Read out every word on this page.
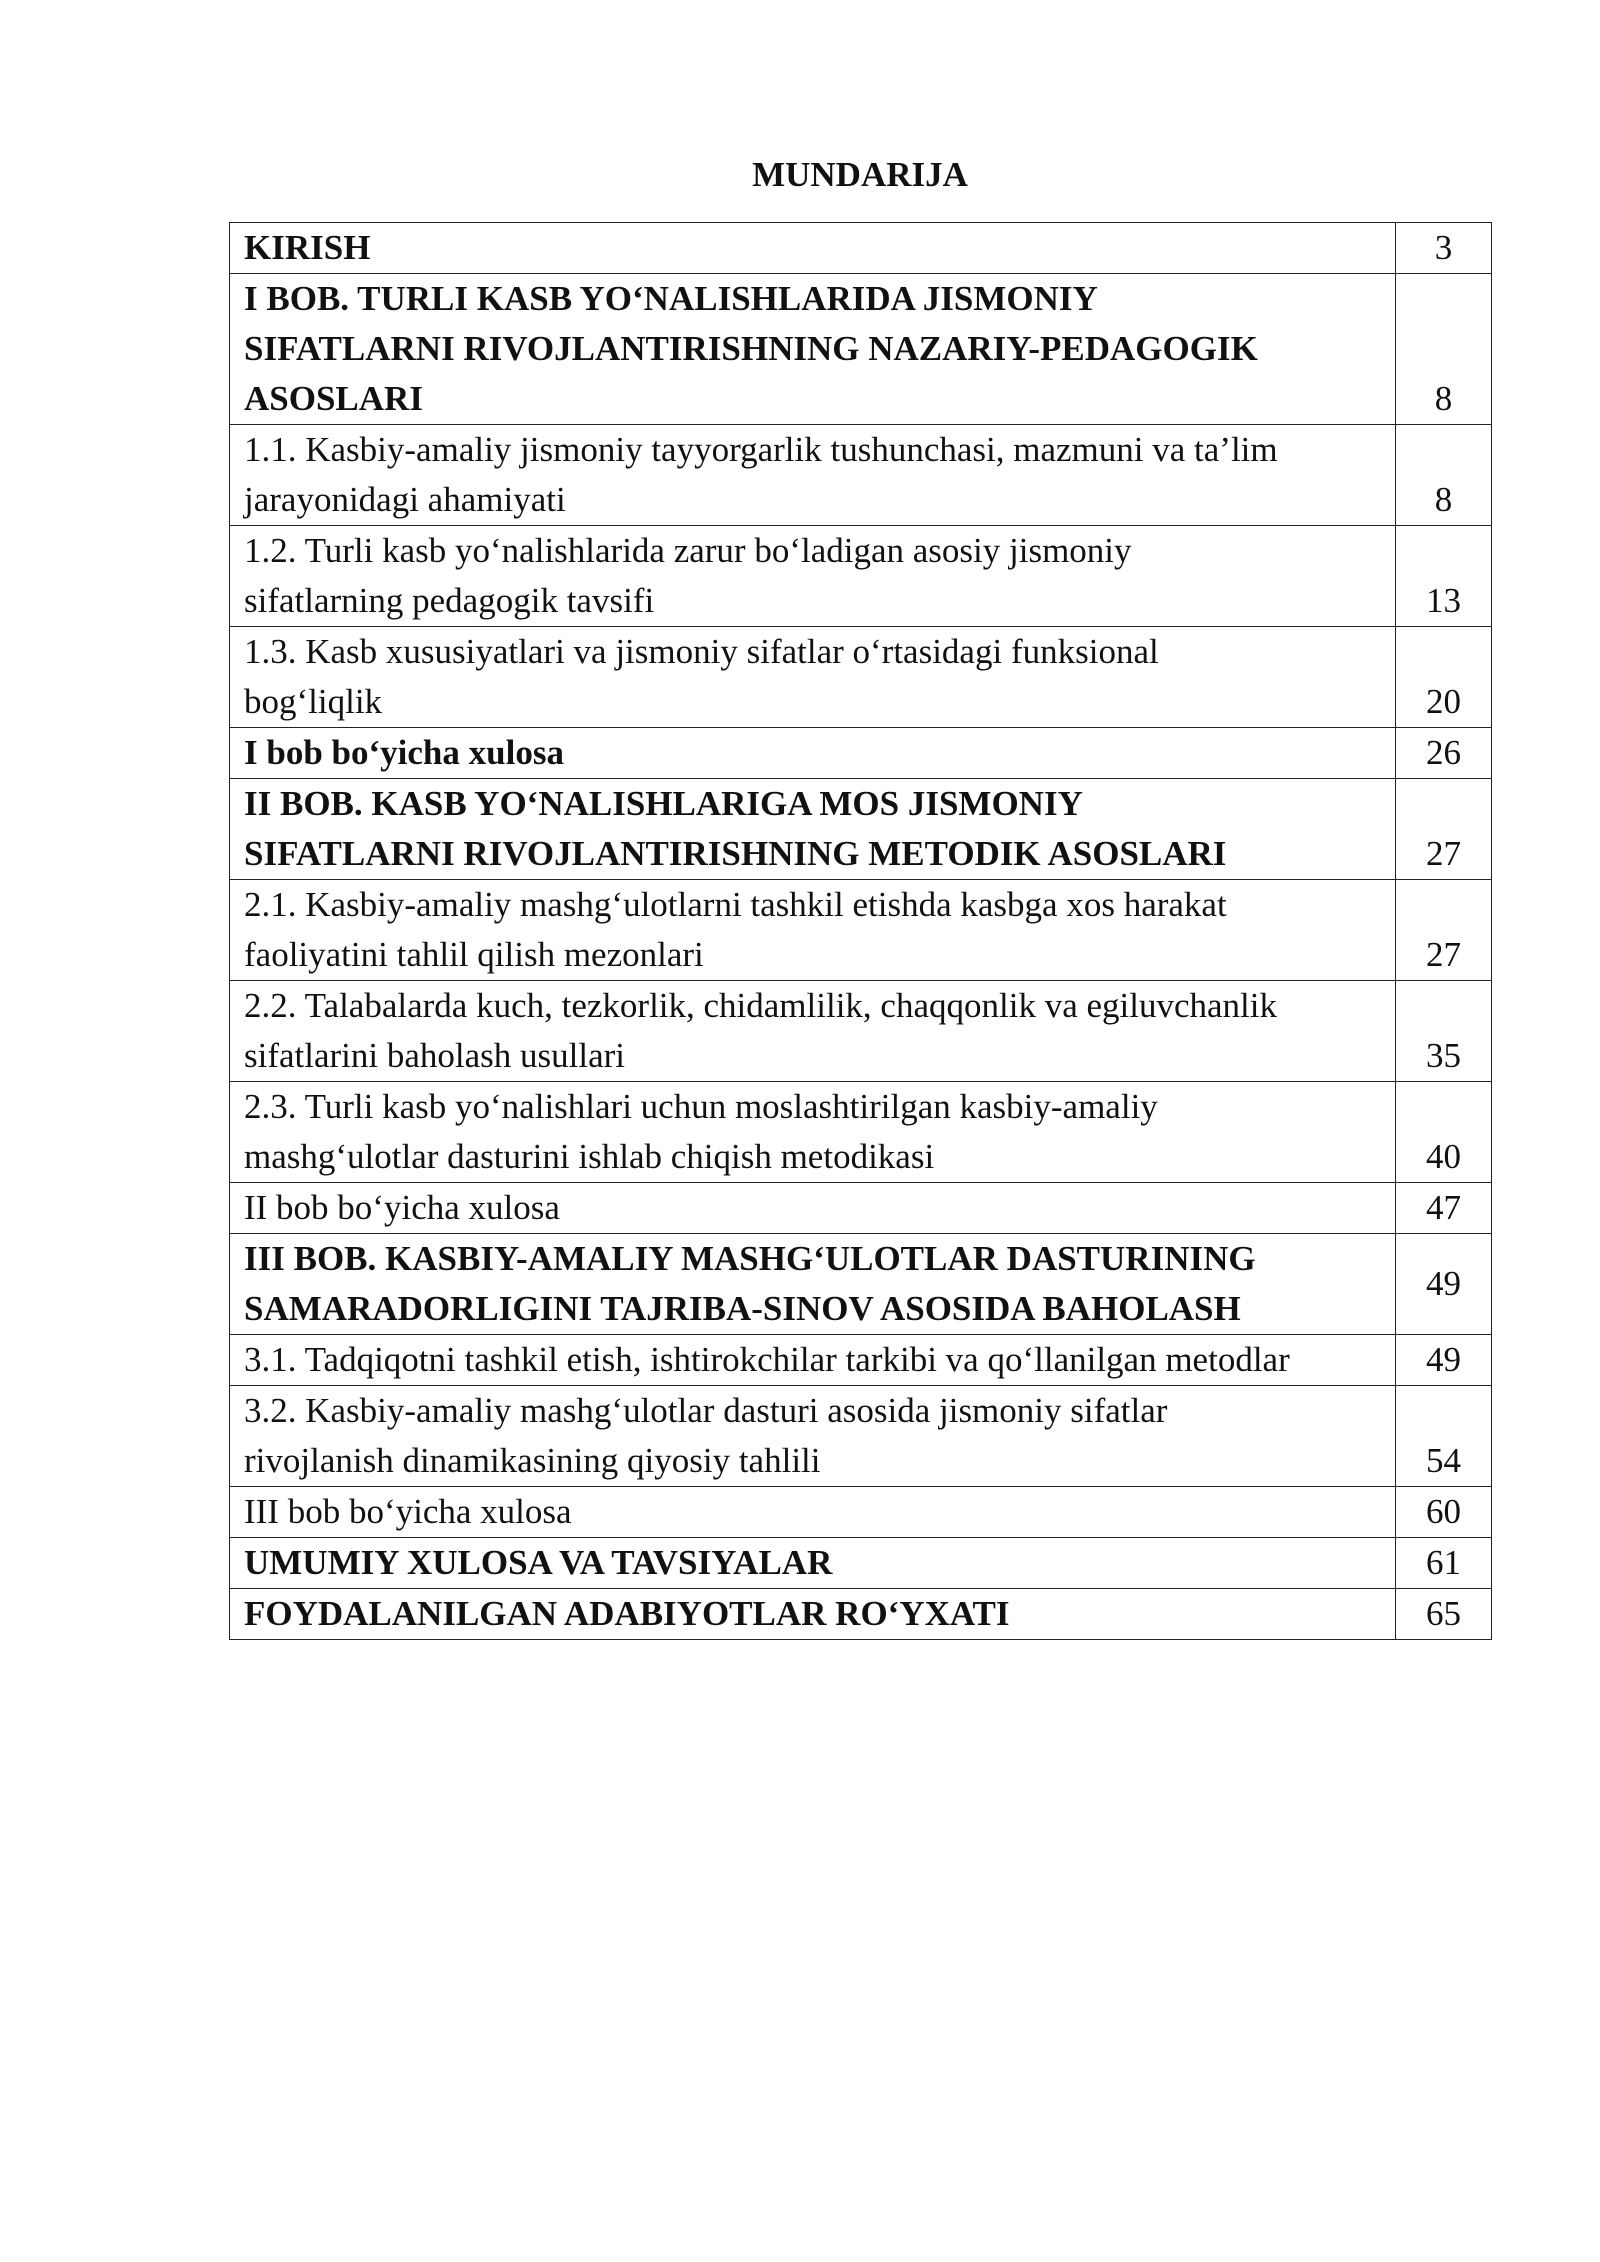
MUNDARIJA
KIRISH	3

I BOB. TURLI KASB YO‘NALISHLARIDA JISMONIY
SIFATLARNI RIVOJLANTIRISHNING NAZARIY-PEDAGOGIK
ASOSLARI	8

1.1. Kasbiy-amaliy jismoniy tayyorgarlik tushunchasi, mazmuni va ta’lim
jarayonidagi ahamiyati	8

1.2. Turli kasb yo‘nalishlarida zarur bo‘ladigan asosiy jismoniy
sifatlarning pedagogik tavsifi	13

1.3. Kasb xususiyatlari va jismoniy sifatlar o‘rtasidagi funksional
bog‘liqlik	20

I bob bo‘yicha xulosa	26

II BOB. KASB YO‘NALISHLARIGA MOS JISMONIY
SIFATLARNI RIVOJLANTIRISHNING METODIK ASOSLARI	27

2.1. Kasbiy-amaliy mashg‘ulotlarni tashkil etishda kasbga xos harakat
faoliyatini tahlil qilish mezonlari	27

2.2. Talabalarda kuch, tezkorlik, chidamlilik, chaqqonlik va egiluvchanlik
sifatlarini baholash usullari	35

2.3. Turli kasb yo‘nalishlari uchun moslashtirilgan kasbiy-amaliy
mashg‘ulotlar dasturini ishlab chiqish metodikasi	40

II bob bo‘yicha xulosa	47

III BOB. KASBIY-AMALIY MASHG‘ULOTLAR DASTURINING
SAMARADORLIGINI TAJRIBA-SINOV ASOSIDA BAHOLASH	49

3.1. Tadqiqotni tashkil etish, ishtirokchilar tarkibi va qo‘llanilgan metodlar	49

3.2. Kasbiy-amaliy mashg‘ulotlar dasturi asosida jismoniy sifatlar
rivojlanish dinamikasining qiyosiy tahlili	54

III bob bo‘yicha xulosa	60

UMUMIY XULOSA VA TAVSIYALAR	61

FOYDALANILGAN ADABIYOTLAR RO‘YXATI	65
